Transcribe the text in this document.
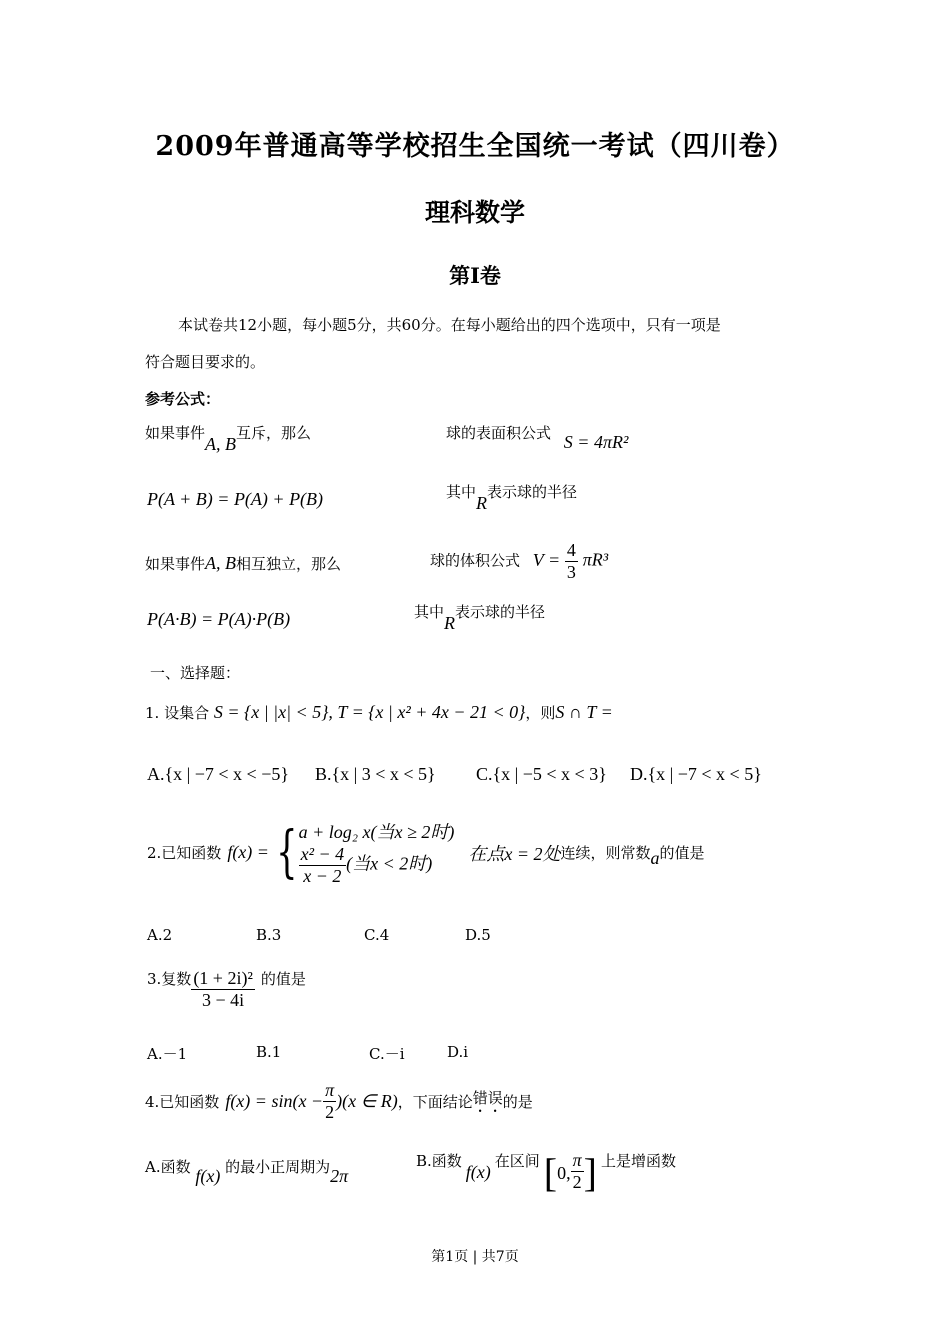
2009年普通高等学校招生全国统一考试（四川卷）
理科数学
第Ⅰ卷
本试卷共12小题，每小题5分，共60分。在每小题给出的四个选项中，只有一项是
符合题目要求的。
参考公式：
如果事件A, B互斥，那么	球的表面积公式 S = 4πR²
P(A + B) = P(A) + P(B)	其中R表示球的半径
如果事件A, B相互独立，那么	球的体积公式 $V = \frac{4}{3} \pi R^3$
P(A·B) = P(A)·P(B)	其中R表示球的半径
一、选择题：
1. 设集合 S = {x | |x| < 5}, T = {x | x² + 4x − 21 < 0}，则S ∩ T =
A.{x | −7 < x < −5} B.{x | 3 < x < 5} C.{x | −5 < x < 3} D.{x | −7 < x < 5}
2.已知函数 f(x) = { a + log₂ x(当x ≥ 2时)
$\frac{\text{x² − 4}}{x - 2}$ (当x < 2时)	在点x = 2处 连续，则常数 a 的值是
A.2	B.3	C.4	D.5
3.复数 $\frac{\text{(1 + 2i)²}}{3 - 4i}$ 的值是
A.－1	B.1	C.－i	D.i
4.已知函数 $f(x) = \sin(x - \frac{\pi}{2} )(x$ ∈ R) ，下面结论 错误 的是
A.函数 f(x) 的最小正周期为2π
B.函数
f(x)
在区间 [ 0, $\frac{\pi}{2}$ ] 上是增函数
第1页 | 共7页
